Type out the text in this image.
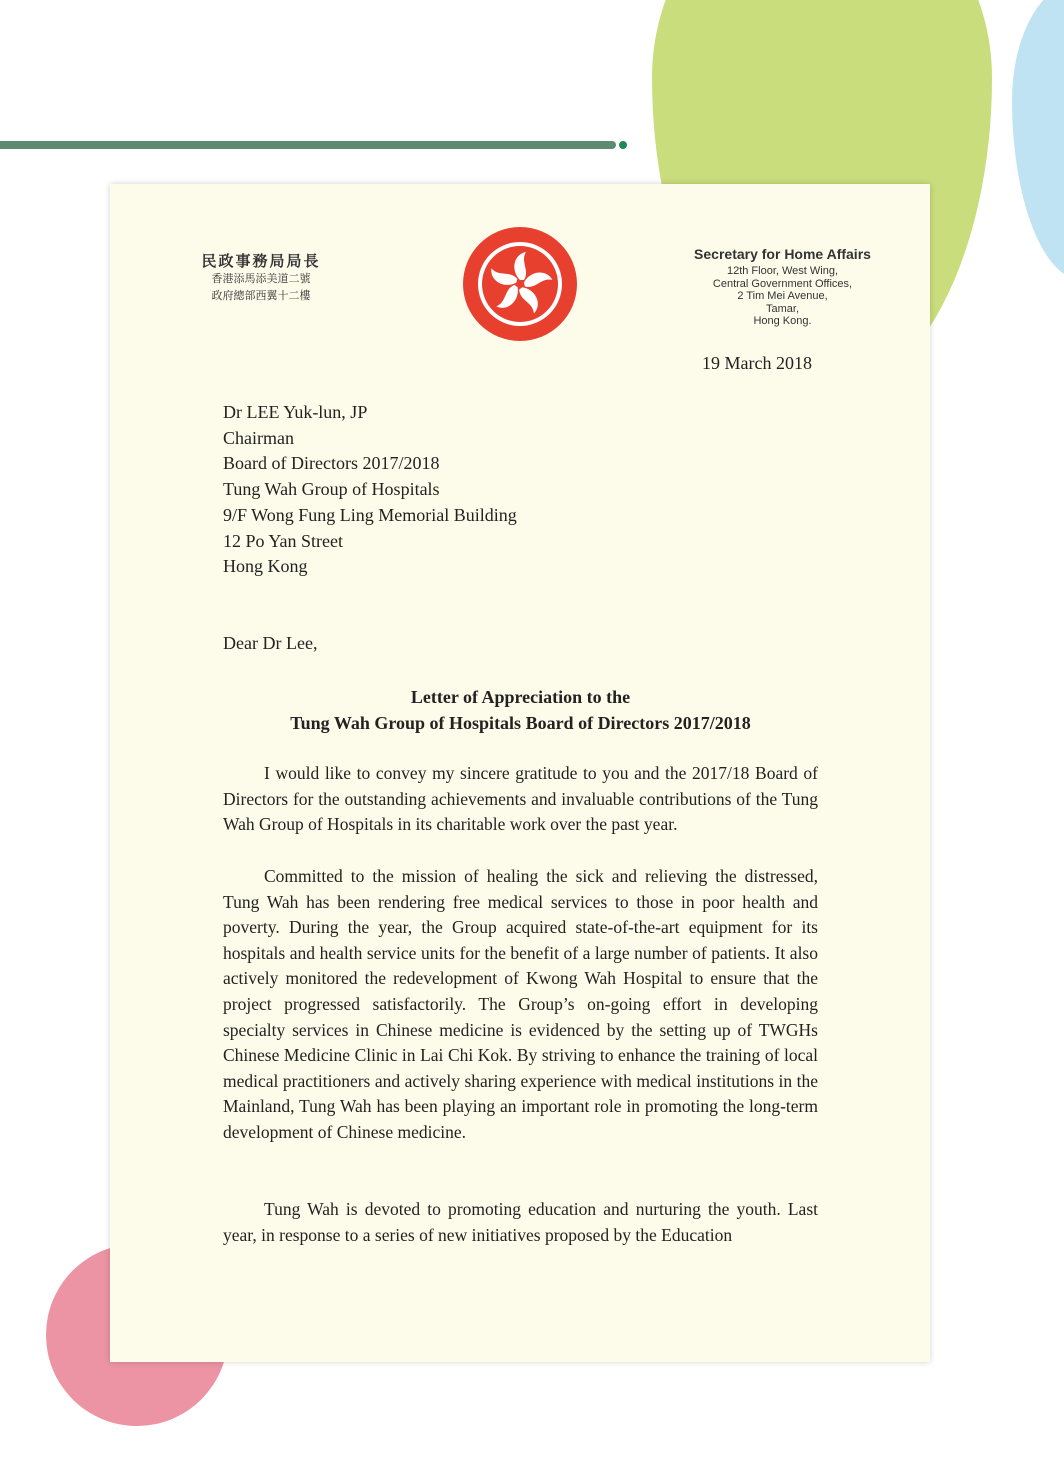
民政事務局局長
香港添馬添美道二號
政府總部西翼十二樓
Secretary for Home Affairs
12th Floor, West Wing,
Central Government Offices,
2 Tim Mei Avenue,
Tamar,
Hong Kong.
19 March 2018
Dr LEE Yuk-lun, JP
Chairman
Board of Directors 2017/2018
Tung Wah Group of Hospitals
9/F Wong Fung Ling Memorial Building
12 Po Yan Street
Hong Kong
Dear Dr Lee,
Letter of Appreciation to the
Tung Wah Group of Hospitals Board of Directors 2017/2018

I would like to convey my sincere gratitude to you and the 2017/18 Board of Directors for the outstanding achievements and invaluable contributions of the Tung Wah Group of Hospitals in its charitable work over the past year.

Committed to the mission of healing the sick and relieving the distressed, Tung Wah has been rendering free medical services to those in poor health and poverty. During the year, the Group acquired state-of-the-art equipment for its hospitals and health service units for the benefit of a large number of patients. It also actively monitored the redevelopment of Kwong Wah Hospital to ensure that the project progressed satisfactorily. The Group’s on-going effort in developing specialty services in Chinese medicine is evidenced by the setting up of TWGHs Chinese Medicine Clinic in Lai Chi Kok. By striving to enhance the training of local medical practitioners and actively sharing experience with medical institutions in the Mainland, Tung Wah has been playing an important role in promoting the long-term development of Chinese medicine.

Tung Wah is devoted to promoting education and nurturing the youth. Last year, in response to a series of new initiatives proposed by the Education
